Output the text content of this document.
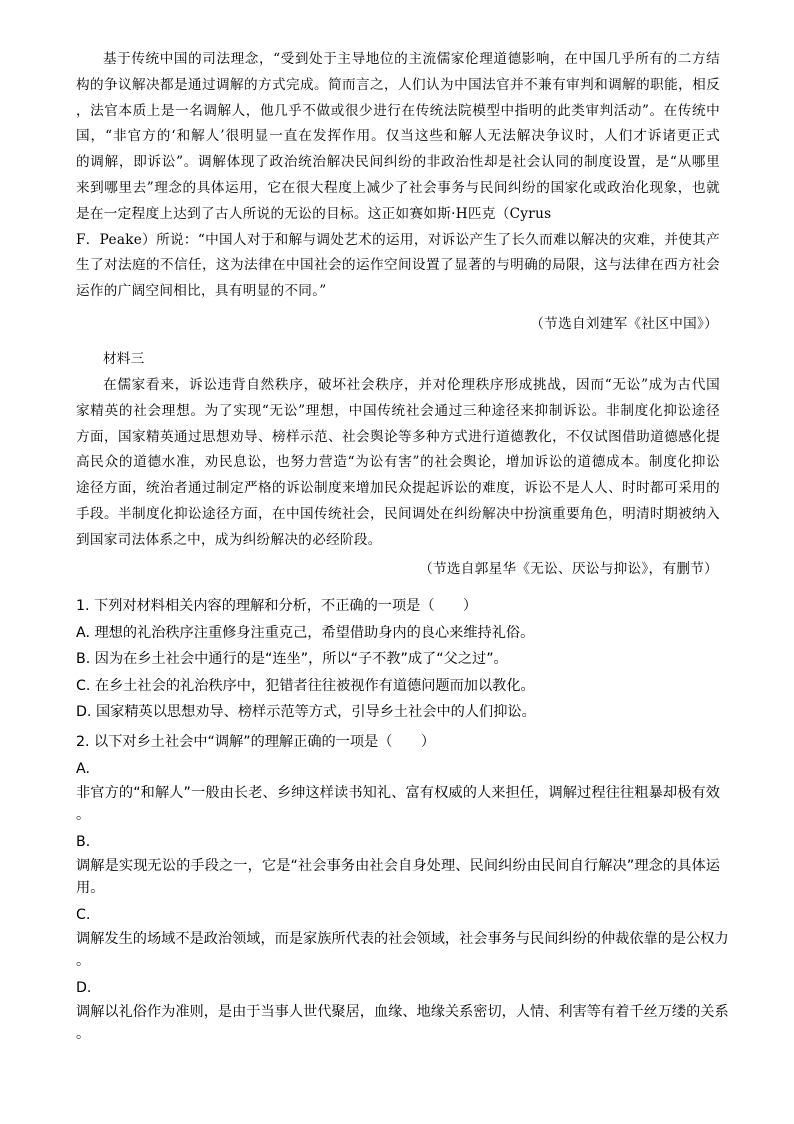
基于传统中国的司法理念，“受到处于主导地位的主流儒家伦理道德影响，在中国几乎所有的二方结

构的争议解决都是通过调解的方式完成。简而言之，人们认为中国法官并不兼有审判和调解的职能，相反

，法官本质上是一名调解人，他几乎不做或很少进行在传统法院模型中指明的此类审判活动”。在传统中

国，“非官方的‘和解人’很明显一直在发挥作用。仅当这些和解人无法解决争议时，人们才诉诸更正式

的调解，即诉讼”。调解体现了政治统治解决民间纠纷的非政治性却是社会认同的制度设置，是“从哪里

来到哪里去”理念的具体运用，它在很大程度上减少了社会事务与民间纠纷的国家化或政治化现象，也就

是在一定程度上达到了古人所说的无讼的目标。这正如赛如斯·H匹克（Cyrus

F．Peake）所说：“中国人对于和解与调处艺术的运用，对诉讼产生了长久而难以解决的灾难，并使其产

生了对法庭的不信任，这为法律在中国社会的运作空间设置了显著的与明确的局限，这与法律在西方社会

运作的广阔空间相比，具有明显的不同。”

（节选自刘建军《社区中国》）

材料三

在儒家看来，诉讼违背自然秩序，破坏社会秩序，并对伦理秩序形成挑战，因而“无讼”成为古代国

家精英的社会理想。为了实现“无讼”理想，中国传统社会通过三种途径来抑制诉讼。非制度化抑讼途径

方面，国家精英通过思想劝导、榜样示范、社会舆论等多种方式进行道德教化，不仅试图借助道德感化提

高民众的道德水准，劝民息讼，也努力营造“为讼有害”的社会舆论，增加诉讼的道德成本。制度化抑讼

途径方面，统治者通过制定严格的诉讼制度来增加民众提起诉讼的难度，诉讼不是人人、时时都可采用的

手段。半制度化抑讼途径方面，在中国传统社会，民间调处在纠纷解决中扮演重要角色，明清时期被纳入

到国家司法体系之中，成为纠纷解决的必经阶段。

（节选自郭星华《无讼、厌讼与抑讼》，有删节）

1. 下列对材料相关内容的理解和分析，不正确的一项是（　　）

A. 理想的礼治秩序注重修身注重克己，希望借助身内的良心来维持礼俗。

B. 因为在乡土社会中通行的是“连坐”，所以“子不教”成了“父之过”。

C. 在乡土社会的礼治秩序中，犯错者往往被视作有道德问题而加以教化。

D. 国家精英以思想劝导、榜样示范等方式，引导乡土社会中的人们抑讼。

2. 以下对乡土社会中“调解”的理解正确的一项是（　　）

A.

非官方的“和解人”一般由长老、乡绅这样读书知礼、富有权威的人来担任，调解过程往往粗暴却极有效

。

B.

调解是实现无讼的手段之一，它是“社会事务由社会自身处理、民间纠纷由民间自行解决”理念的具体运

用。

C.

调解发生的场域不是政治领域，而是家族所代表的社会领域，社会事务与民间纠纷的仲裁依靠的是公权力

。

D.

调解以礼俗作为准则，是由于当事人世代聚居，血缘、地缘关系密切，人情、利害等有着千丝万缕的关系

。
